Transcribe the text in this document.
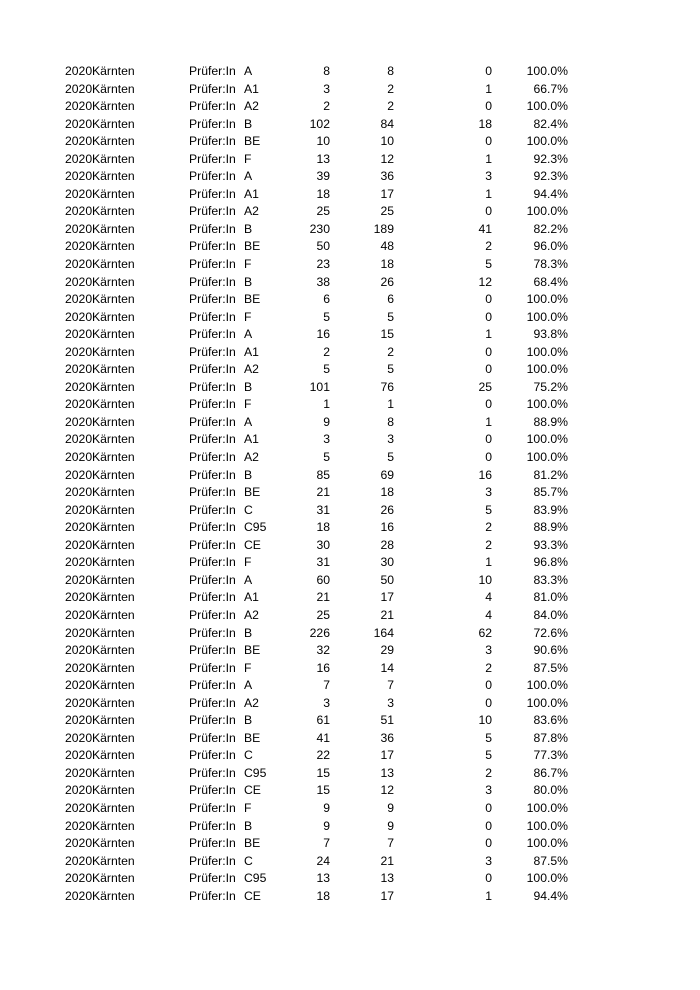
2020 Kärnten	Prüfer:In A	8	8	0	100.0%
2020 Kärnten	Prüfer:In A1	3	2	1	66.7%
2020 Kärnten	Prüfer:In A2	2	2	0	100.0%
2020 Kärnten	Prüfer:In B	102	84	18	82.4%
2020 Kärnten	Prüfer:In BE	10	10	0	100.0%
2020 Kärnten	Prüfer:In F	13	12	1	92.3%
2020 Kärnten	Prüfer:In A	39	36	3	92.3%
2020 Kärnten	Prüfer:In A1	18	17	1	94.4%
2020 Kärnten	Prüfer:In A2	25	25	0	100.0%
2020 Kärnten	Prüfer:In B	230	189	41	82.2%
2020 Kärnten	Prüfer:In BE	50	48	2	96.0%
2020 Kärnten	Prüfer:In F	23	18	5	78.3%
2020 Kärnten	Prüfer:In B	38	26	12	68.4%
2020 Kärnten	Prüfer:In BE	6	6	0	100.0%
2020 Kärnten	Prüfer:In F	5	5	0	100.0%
2020 Kärnten	Prüfer:In A	16	15	1	93.8%
2020 Kärnten	Prüfer:In A1	2	2	0	100.0%
2020 Kärnten	Prüfer:In A2	5	5	0	100.0%
2020 Kärnten	Prüfer:In B	101	76	25	75.2%
2020 Kärnten	Prüfer:In F	1	1	0	100.0%
2020 Kärnten	Prüfer:In A	9	8	1	88.9%
2020 Kärnten	Prüfer:In A1	3	3	0	100.0%
2020 Kärnten	Prüfer:In A2	5	5	0	100.0%
2020 Kärnten	Prüfer:In B	85	69	16	81.2%
2020 Kärnten	Prüfer:In BE	21	18	3	85.7%
2020 Kärnten	Prüfer:In C	31	26	5	83.9%
2020 Kärnten	Prüfer:In C95	18	16	2	88.9%
2020 Kärnten	Prüfer:In CE	30	28	2	93.3%
2020 Kärnten	Prüfer:In F	31	30	1	96.8%
2020 Kärnten	Prüfer:In A	60	50	10	83.3%
2020 Kärnten	Prüfer:In A1	21	17	4	81.0%
2020 Kärnten	Prüfer:In A2	25	21	4	84.0%
2020 Kärnten	Prüfer:In B	226	164	62	72.6%
2020 Kärnten	Prüfer:In BE	32	29	3	90.6%
2020 Kärnten	Prüfer:In F	16	14	2	87.5%
2020 Kärnten	Prüfer:In A	7	7	0	100.0%
2020 Kärnten	Prüfer:In A2	3	3	0	100.0%
2020 Kärnten	Prüfer:In B	61	51	10	83.6%
2020 Kärnten	Prüfer:In BE	41	36	5	87.8%
2020 Kärnten	Prüfer:In C	22	17	5	77.3%
2020 Kärnten	Prüfer:In C95	15	13	2	86.7%
2020 Kärnten	Prüfer:In CE	15	12	3	80.0%
2020 Kärnten	Prüfer:In F	9	9	0	100.0%
2020 Kärnten	Prüfer:In B	9	9	0	100.0%
2020 Kärnten	Prüfer:In BE	7	7	0	100.0%
2020 Kärnten	Prüfer:In C	24	21	3	87.5%
2020 Kärnten	Prüfer:In C95	13	13	0	100.0%
2020 Kärnten	Prüfer:In CE	18	17	1	94.4%
